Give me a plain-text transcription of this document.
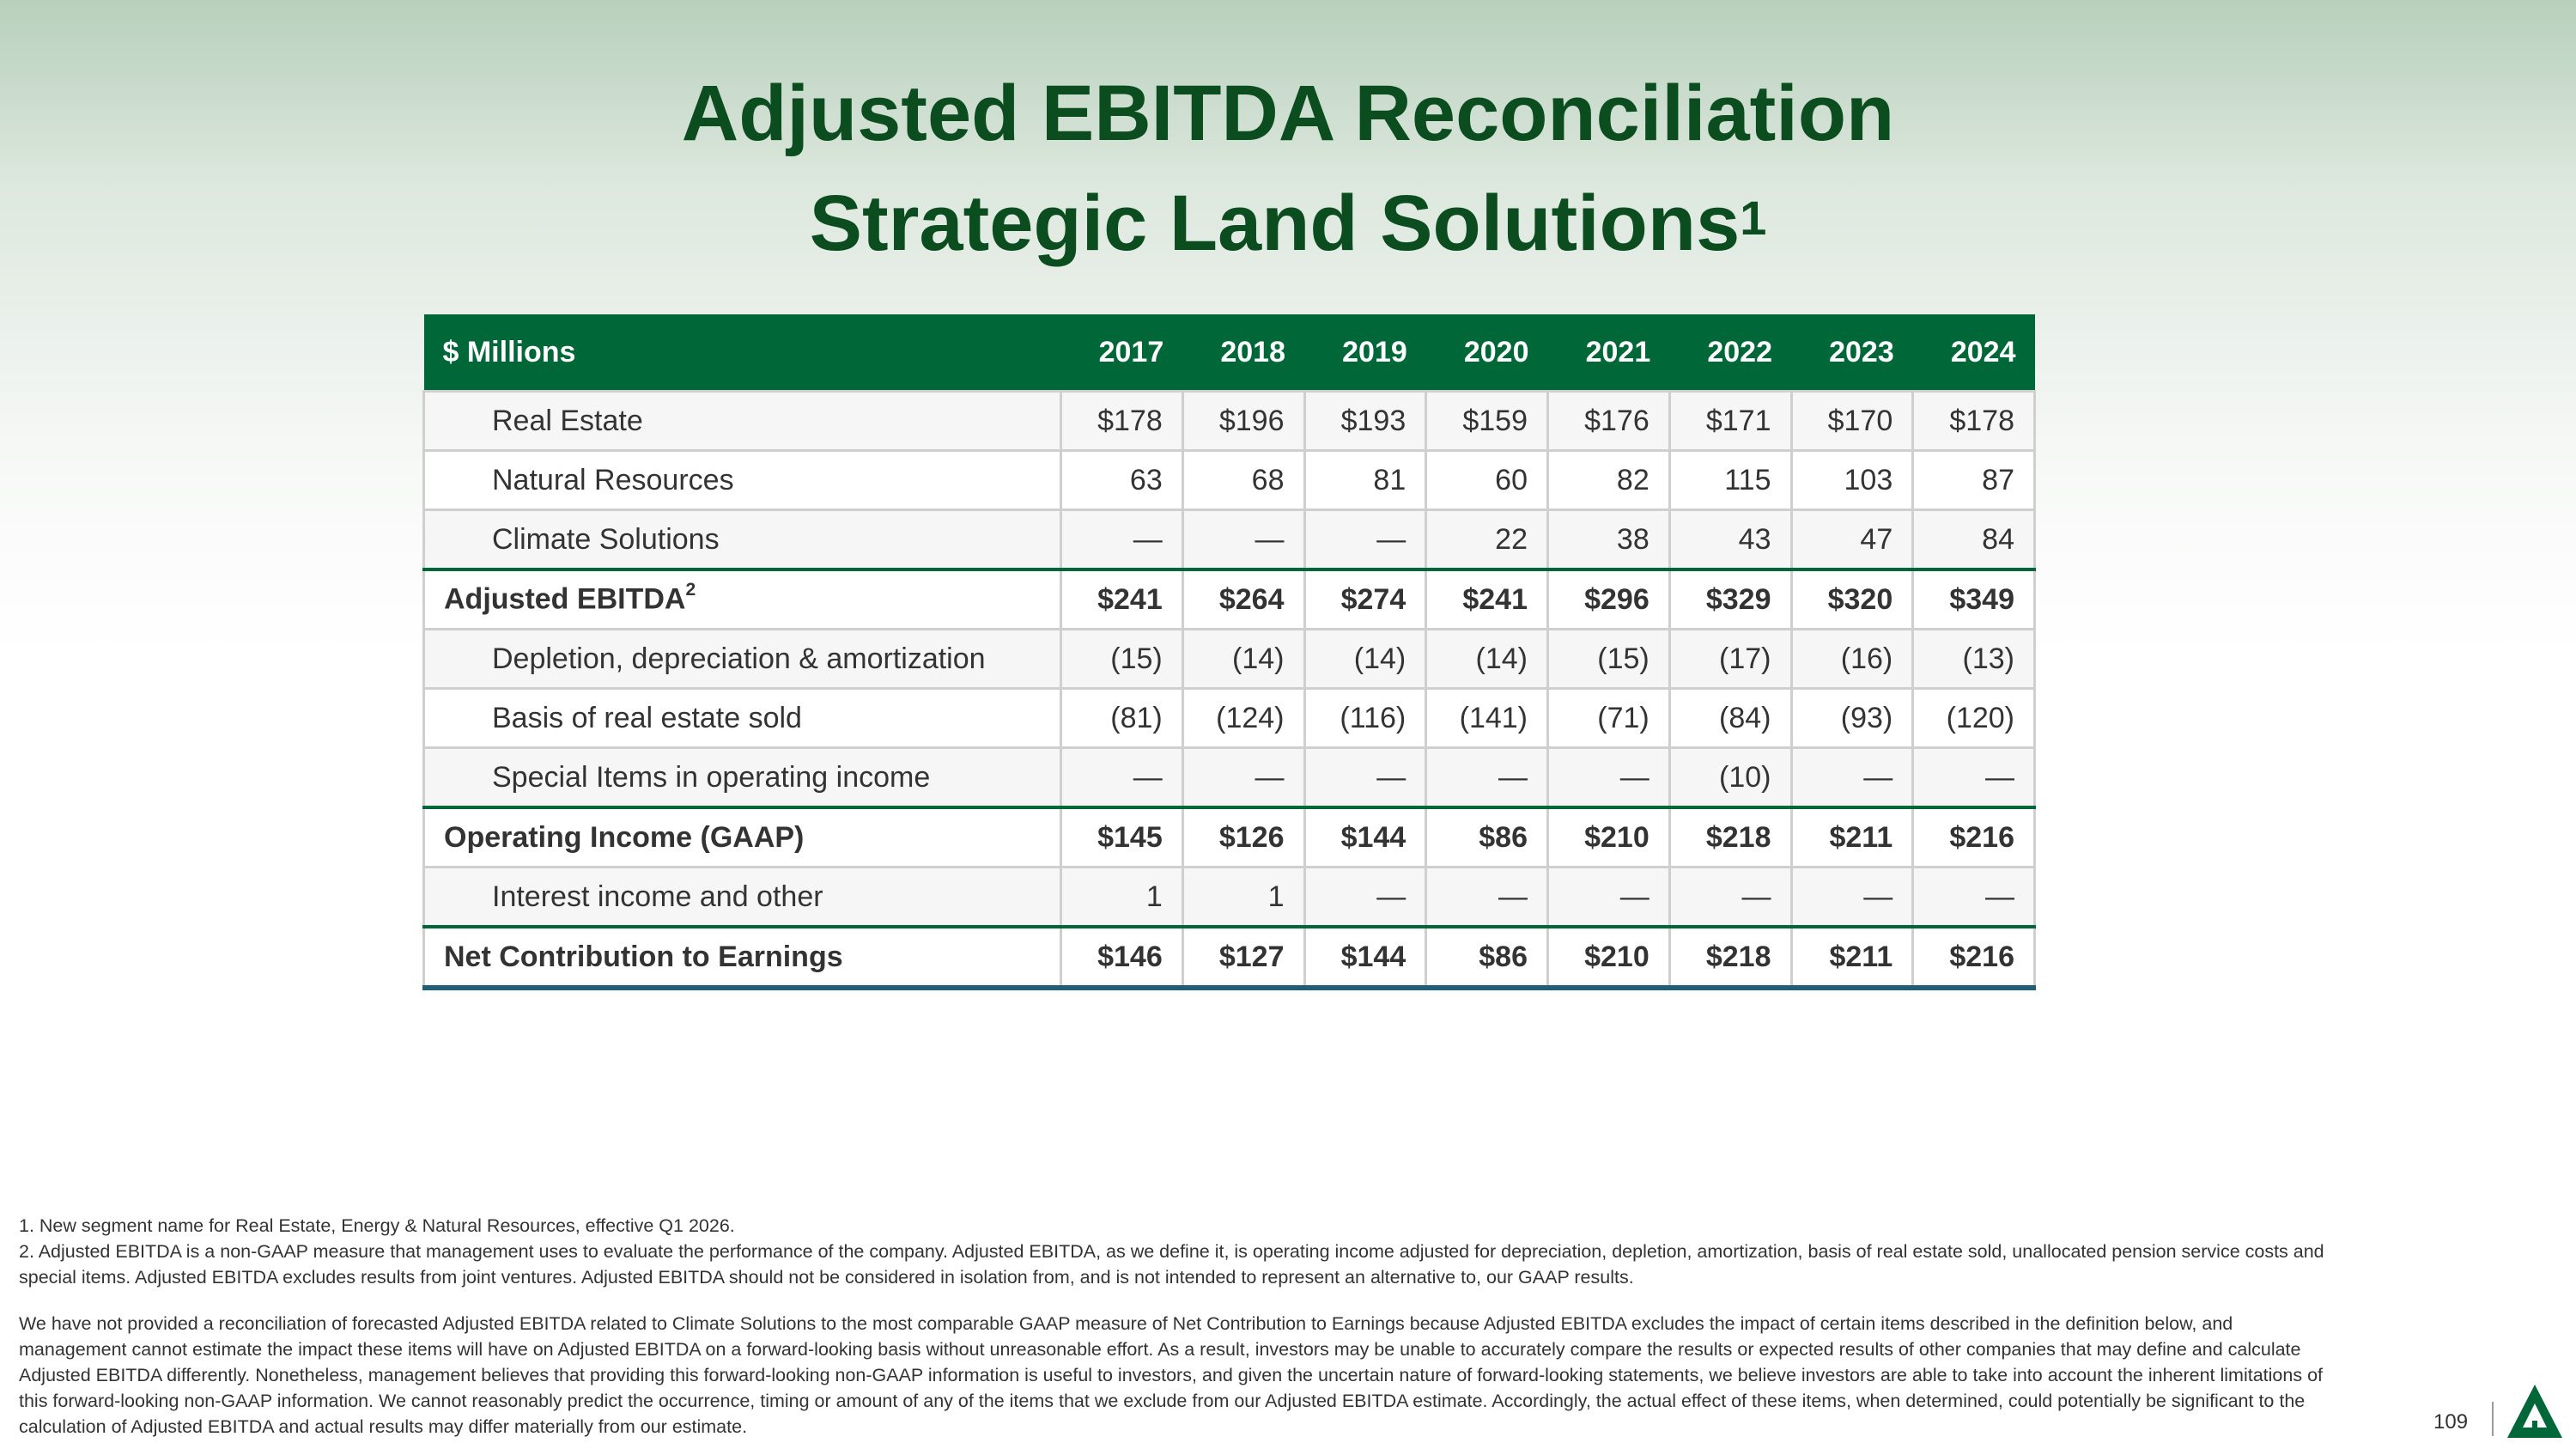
Adjusted EBITDA Reconciliation
Strategic Land Solutions$^1$
$ Millions	2017	2018	2019	2020	2021	2022	2023	2024
Real Estate	$178	$196	$193	$159	$176	$171	$170	$178
Natural Resources	63	68	81	60	82	115	103	87
Climate Solutions	—	—	—	22	38	43	47	84
Adjusted EBITDA$^2$	$241	$264	$274	$241	$296	$329	$320	$349
Depletion, depreciation & amortization	(15)	(14)	(14)	(14)	(15)	(17)	(16)	(13)
Basis of real estate sold	(81)	(124)	(116)	(141)	(71)	(84)	(93)	(120)
Special Items in operating income	—	—	—	—	—	(10)	—	—
Operating Income (GAAP)	$145	$126	$144	$86	$210	$218	$211	$216
Interest income and other	1	1	—	—	—	—	—	—
Net Contribution to Earnings	$146	$127	$144	$86	$210	$218	$211	$216

1. New segment name for Real Estate, Energy & Natural Resources, effective Q1 2026.

2. Adjusted EBITDA is a non-GAAP measure that management uses to evaluate the performance of the company. Adjusted EBITDA, as we define it, is operating income adjusted for depreciation, depletion, amortization, basis of real estate sold, unallocated pension service costs and special items. Adjusted EBITDA excludes results from joint ventures. Adjusted EBITDA should not be considered in isolation from, and is not intended to represent an alternative to, our GAAP results.

We have not provided a reconciliation of forecasted Adjusted EBITDA related to Climate Solutions to the most comparable GAAP measure of Net Contribution to Earnings because Adjusted EBITDA excludes the impact of certain items described in the definition below, and management cannot estimate the impact these items will have on Adjusted EBITDA on a forward-looking basis without unreasonable effort. As a result, investors may be unable to accurately compare the results or expected results of other companies that may define and calculate Adjusted EBITDA differently. Nonetheless, management believes that providing this forward-looking non-GAAP information is useful to investors, and given the uncertain nature of forward-looking statements, we believe investors are able to take into account the inherent limitations of this forward-looking non-GAAP information. We cannot reasonably predict the occurrence, timing or amount of any of the items that we exclude from our Adjusted EBITDA estimate. Accordingly, the actual effect of these items, when determined, could potentially be significant to the calculation of Adjusted EBITDA and actual results may differ materially from our estimate.	109
